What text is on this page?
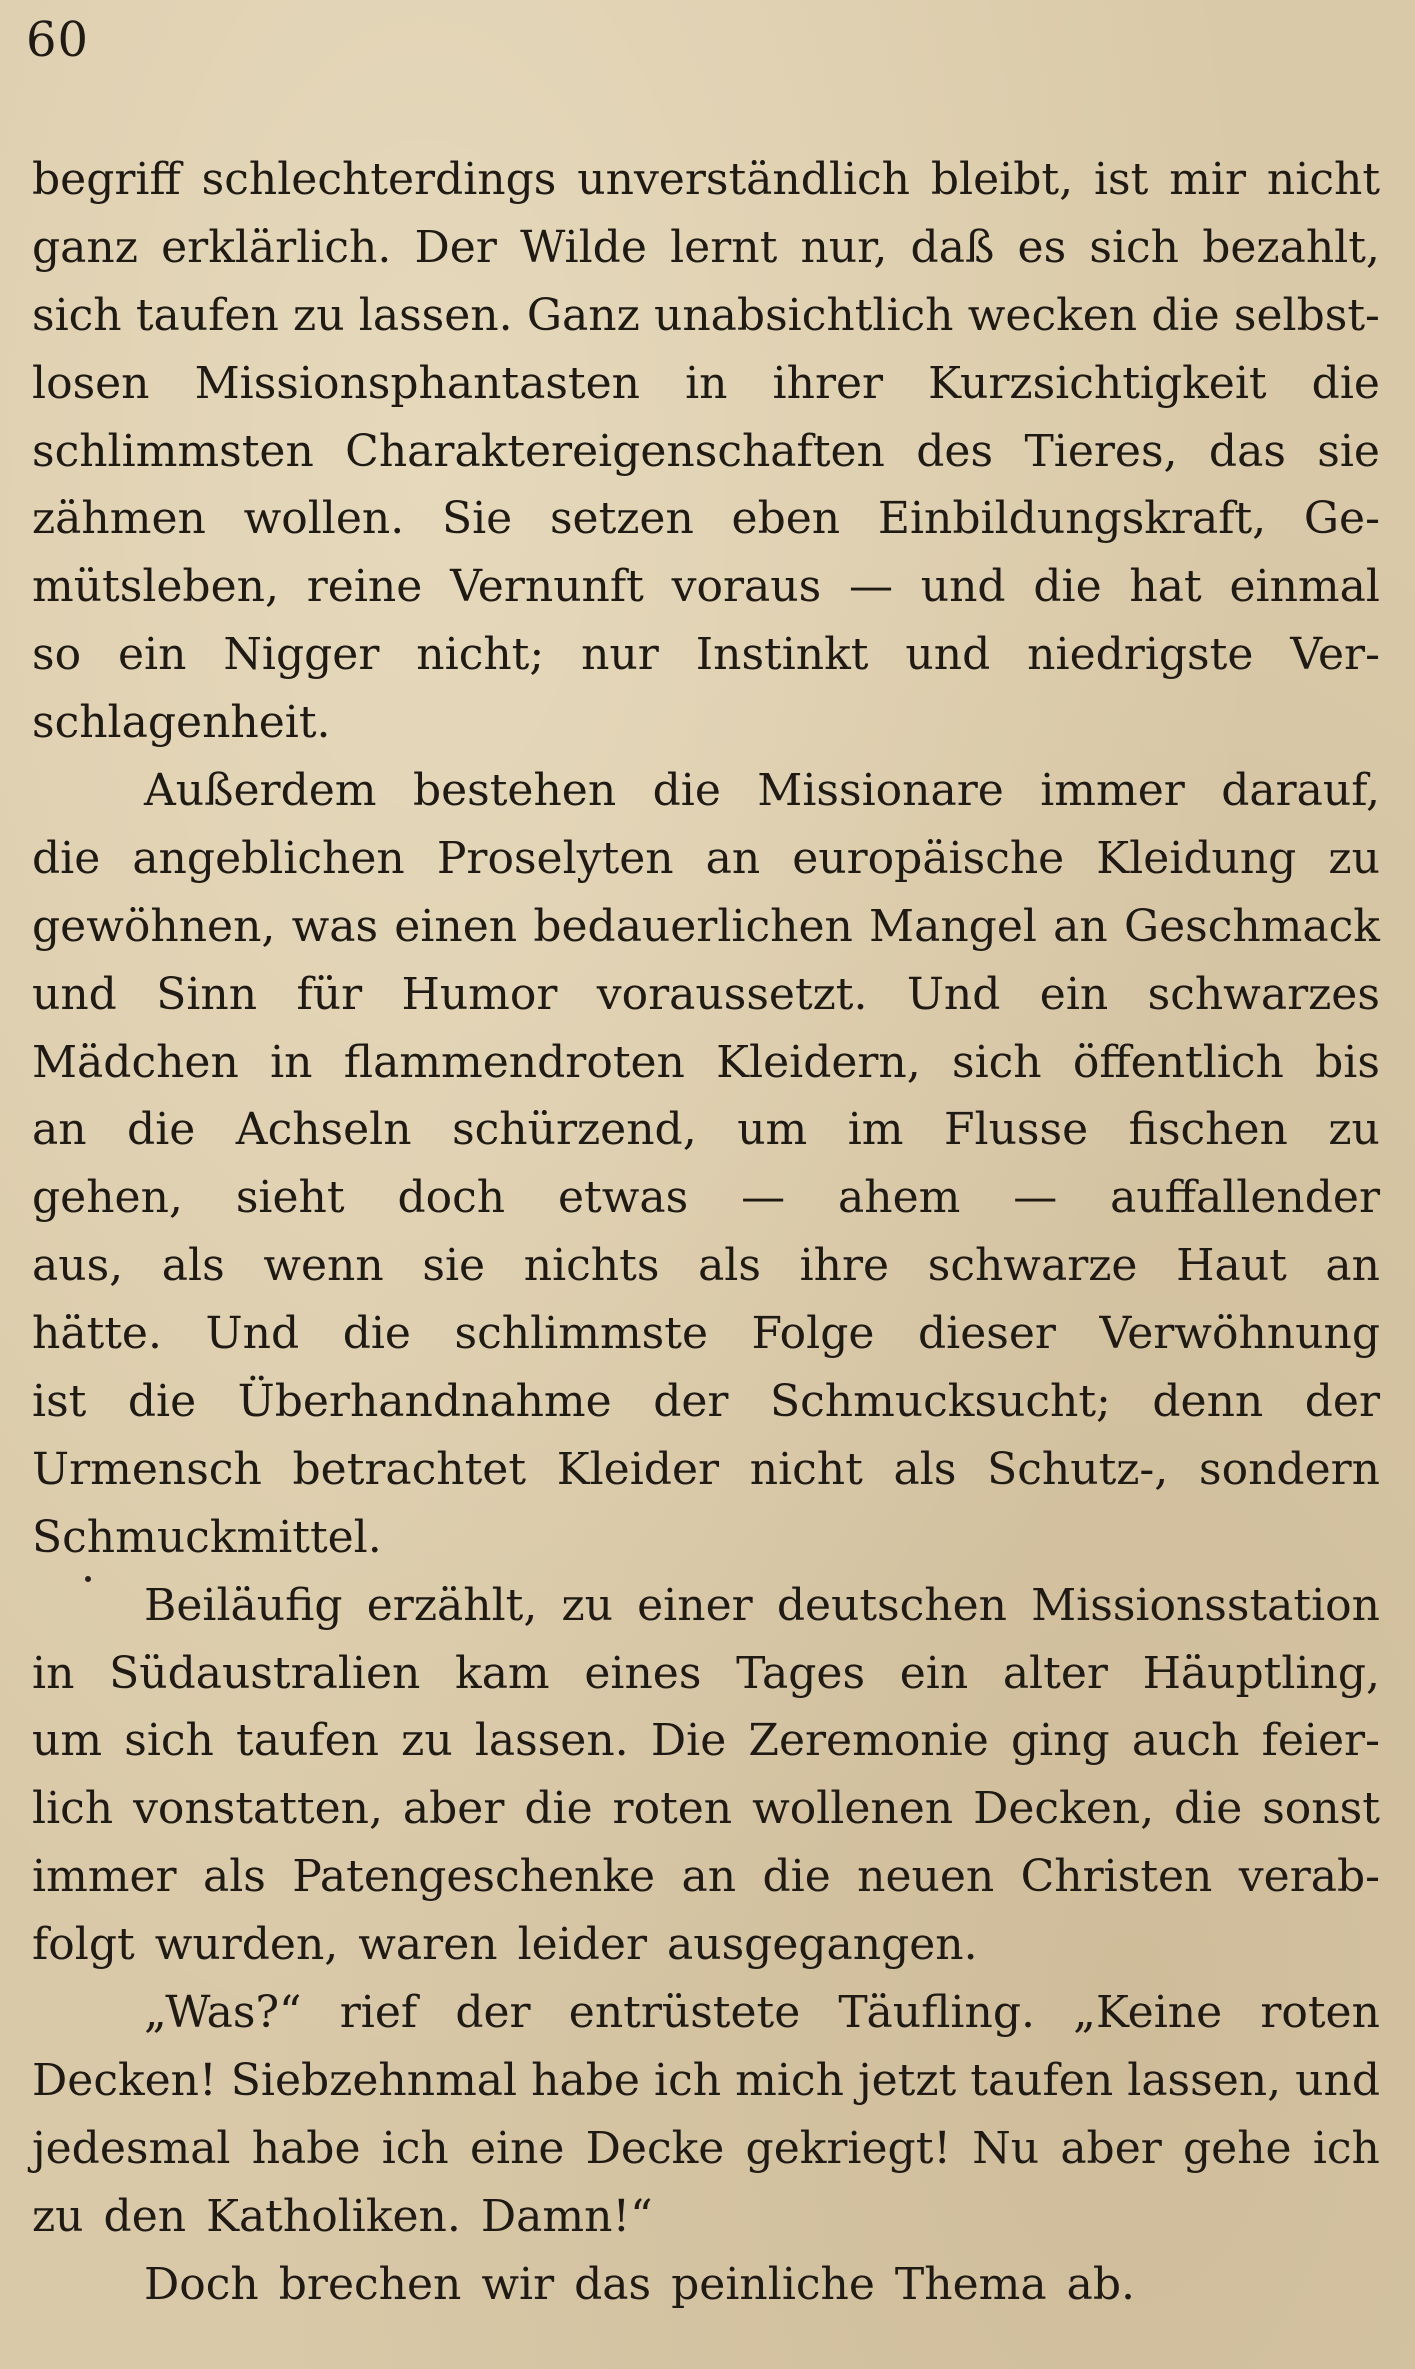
60
begriff schlechterdings unverständlich bleibt, ist mir nicht
ganz erklärlich. Der Wilde lernt nur, daß es sich bezahlt,
sich taufen zu lassen. Ganz unabsichtlich wecken die selbst-
losen Missionsphantasten in ihrer Kurzsichtigkeit die
schlimmsten Charaktereigenschaften des Tieres, das sie
zähmen wollen. Sie setzen eben Einbildungskraft, Ge-
mütsleben, reine Vernunft voraus — und die hat einmal
so ein Nigger nicht; nur Instinkt und niedrigste Ver-
schlagenheit.
Außerdem bestehen die Missionare immer darauf,
die angeblichen Proselyten an europäische Kleidung zu
gewöhnen, was einen bedauerlichen Mangel an Geschmack
und Sinn für Humor voraussetzt. Und ein schwarzes
Mädchen in flammendroten Kleidern, sich öffentlich bis
an die Achseln schürzend, um im Flusse fischen zu
gehen, sieht doch etwas — ahem — auffallender
aus, als wenn sie nichts als ihre schwarze Haut an
hätte. Und die schlimmste Folge dieser Verwöhnung
ist die Überhandnahme der Schmucksucht; denn der
Urmensch betrachtet Kleider nicht als Schutz-, sondern
Schmuckmittel.
Beiläufig erzählt, zu einer deutschen Missionsstation
in Südaustralien kam eines Tages ein alter Häuptling,
um sich taufen zu lassen. Die Zeremonie ging auch feier-
lich vonstatten, aber die roten wollenen Decken, die sonst
immer als Patengeschenke an die neuen Christen verab-
folgt wurden, waren leider ausgegangen.
„Was?“ rief der entrüstete Täufling. „Keine roten
Decken! Siebzehnmal habe ich mich jetzt taufen lassen, und
jedesmal habe ich eine Decke gekriegt! Nu aber gehe ich
zu den Katholiken. Damn!“
Doch brechen wir das peinliche Thema ab.
